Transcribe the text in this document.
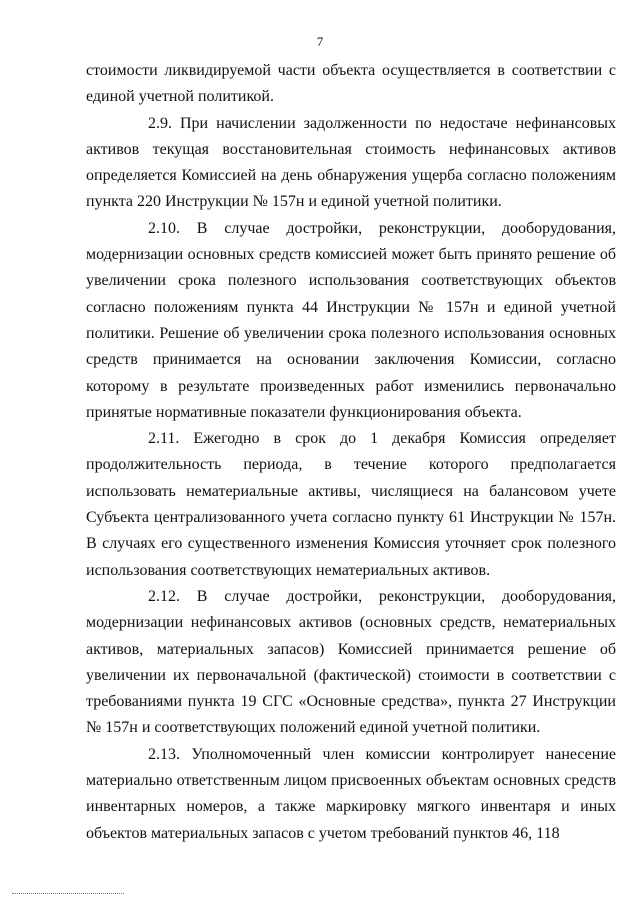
7

стоимости ликвидируемой части объекта осуществляется в соответствии с единой учетной политикой.

2.9. При начислении задолженности по недостаче нефинансовых активов текущая восстановительная стоимость нефинансовых активов определяется Комиссией на день обнаружения ущерба согласно положениям пункта 220 Инструкции № 157н и единой учетной политики.

2.10. В случае достройки, реконструкции, дооборудования, модернизации основных средств комиссией может быть принято решение об увеличении срока полезного использования соответствующих объектов согласно положениям пункта 44 Инструкции № 157н и единой учетной политики. Решение об увеличении срока полезного использования основных средств принимается на основании заключения Комиссии, согласно которому в результате произведенных работ изменились первоначально принятые нормативные показатели функционирования объекта.

2.11. Ежегодно в срок до 1 декабря Комиссия определяет продолжительность периода, в течение которого предполагается использовать нематериальные активы, числящиеся на балансовом учете Субъекта централизованного учета согласно пункту 61 Инструкции № 157н. В случаях его существенного изменения Комиссия уточняет срок полезного использования соответствующих нематериальных активов.

2.12. В случае достройки, реконструкции, дооборудования, модернизации нефинансовых активов (основных средств, нематериальных активов, материальных запасов) Комиссией принимается решение об увеличении их первоначальной (фактической) стоимости в соответствии с требованиями пункта 19 СГС «Основные средства», пункта 27 Инструкции № 157н и соответствующих положений единой учетной политики.

2.13. Уполномоченный член комиссии контролирует нанесение материально ответственным лицом присвоенных объектам основных средств инвентарных номеров, а также маркировку мягкого инвентаря и иных объектов материальных запасов с учетом требований пунктов 46, 118
